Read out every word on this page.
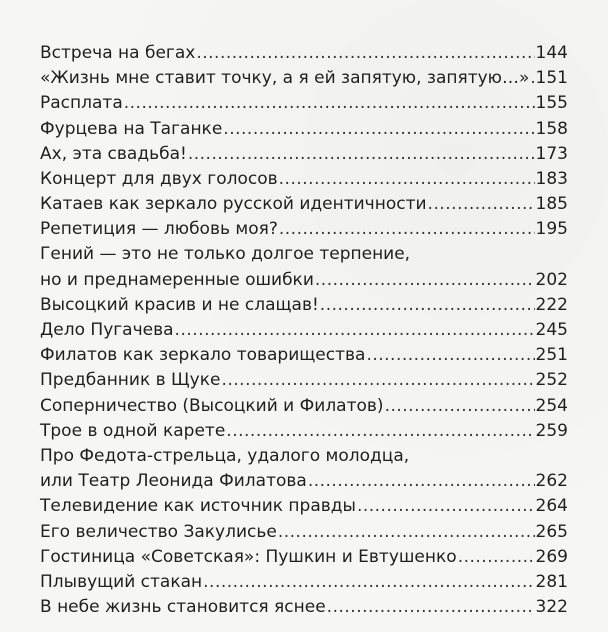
Встреча на бегах .....	144
«Жизнь мне ставит точку, а я ей запятую, запятую…» ..... 151
Расплата .....	155
Фурцева на Таганке .....	158
Ах, эта свадьба! .....	173
Концерт для двух голосов .....	183
Катаев как зеркало русской идентичности .....	185
Репетиция — любовь моя? .....	195
Гений — это не только долгое терпение,
но и преднамеренные ошибки .....	202
Высоцкий красив и не слащав! .....	222
Дело Пугачева .....	245
Филатов как зеркало товарищества .....	251
Предбанник в Щуке .....	252
Соперничество (Высоцкий и Филатов) .....	254
Трое в одной карете .....	259
Про Федота-стрельца, удалого молодца,
или Театр Леонида Филатова .....	262
Телевидение как источник правды .....	264
Его величество Закулисье .....	265
Гостиница «Советская»: Пушкин и Евтушенко .....	269
Плывущий стакан .....	281
В небе жизнь становится яснее .....	322
